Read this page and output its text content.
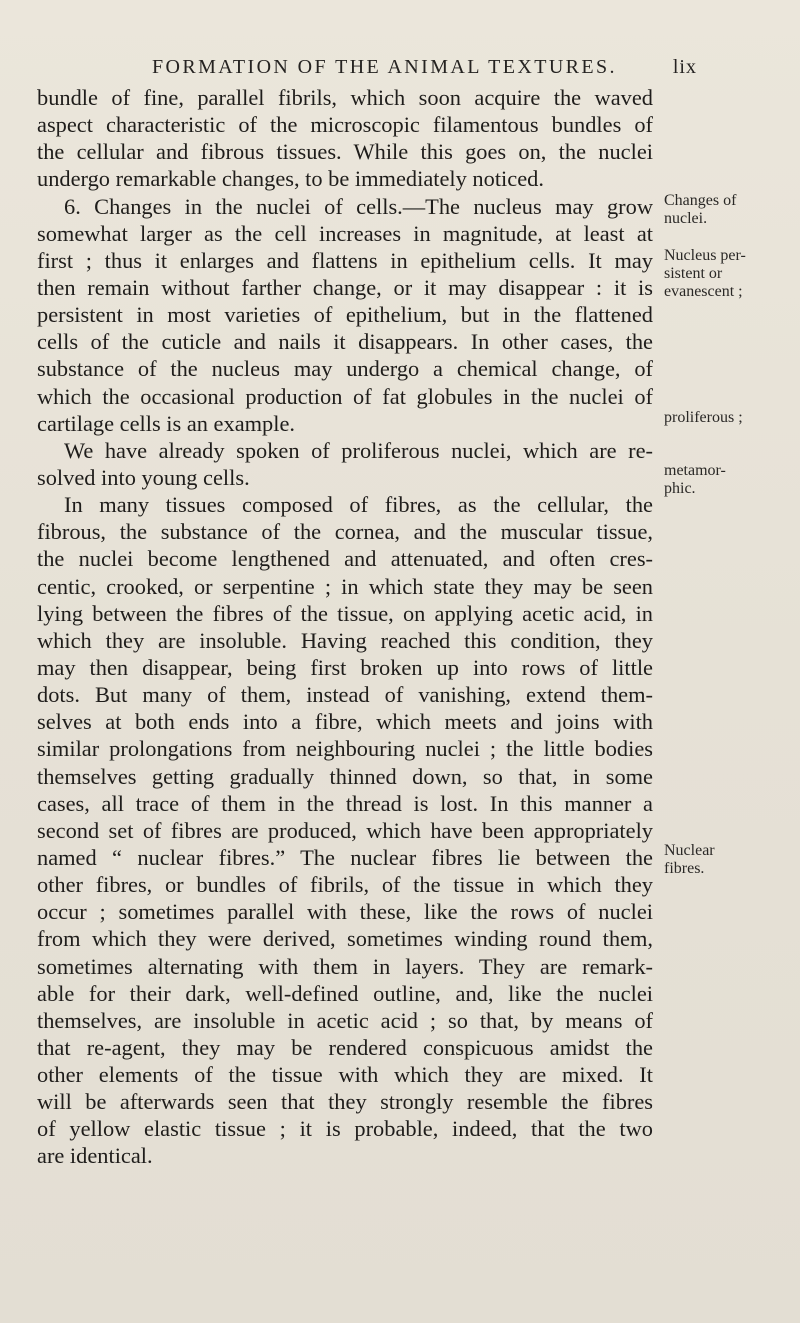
FORMATION OF THE ANIMAL TEXTURES.	lix

bundle of fine, parallel fibrils, which soon acquire the waved

aspect characteristic of the microscopic filamentous bundles of

the cellular and fibrous tissues. While this goes on, the nuclei

undergo remarkable changes, to be immediately noticed.

6. Changes in the nuclei of cells.—The nucleus may grow

somewhat larger as the cell increases in magnitude, at least at

first ; thus it enlarges and flattens in epithelium cells. It may

then remain without farther change, or it may disappear : it is

persistent in most varieties of epithelium, but in the flattened

cells of the cuticle and nails it disappears. In other cases, the

substance of the nucleus may undergo a chemical change, of

which the occasional production of fat globules in the nuclei of

cartilage cells is an example.

We have already spoken of proliferous nuclei, which are re-

solved into young cells.

In many tissues composed of fibres, as the cellular, the

fibrous, the substance of the cornea, and the muscular tissue,

the nuclei become lengthened and attenuated, and often cres-

centic, crooked, or serpentine ; in which state they may be seen

lying between the fibres of the tissue, on applying acetic acid, in

which they are insoluble. Having reached this condition, they

may then disappear, being first broken up into rows of little

dots. But many of them, instead of vanishing, extend them-

selves at both ends into a fibre, which meets and joins with

similar prolongations from neighbouring nuclei ; the little bodies

themselves getting gradually thinned down, so that, in some

cases, all trace of them in the thread is lost. In this manner a

second set of fibres are produced, which have been appropriately

named “ nuclear fibres.” The nuclear fibres lie between the

other fibres, or bundles of fibrils, of the tissue in which they

occur ; sometimes parallel with these, like the rows of nuclei

from which they were derived, sometimes winding round them,

sometimes alternating with them in layers. They are remark-

able for their dark, well-defined outline, and, like the nuclei

themselves, are insoluble in acetic acid ; so that, by means of

that re-agent, they may be rendered conspicuous amidst the

other elements of the tissue with which they are mixed. It

will be afterwards seen that they strongly resemble the fibres

of yellow elastic tissue ; it is probable, indeed, that the two

are identical.

Changes of
nuclei.
Nucleus per-
sistent or
evanescent ;
proliferous ;
metamor-
phic.
Nuclear
fibres.
